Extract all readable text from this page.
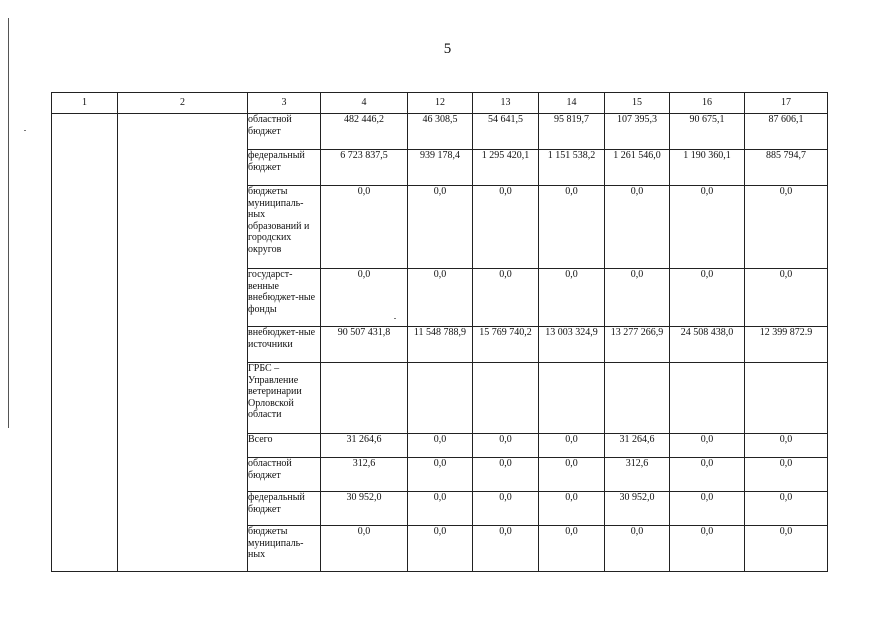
5
1	2	3	4	12	13	14	15	16	17
		областной бюджет	482 446,2	46 308,5	54 641,5	95 819,7	107 395,3	90 675,1	87 606,1
		федеральный бюджет	6 723 837,5	939 178,4	1 295 420,1	1 151 538,2	1 261 546,0	1 190 360,1	885 794,7
		бюджеты муниципаль-ных образований и городских округов	0,0	0,0	0,0	0,0	0,0	0,0	0,0
		государст-венные внебюджет-ные фонды	0,0	0,0	0,0	0,0	0,0	0,0	0,0
		внебюджет-ные источники	90 507 431,8	11 548 788,9	15 769 740,2	13 003 324,9	13 277 266,9	24 508 438,0	12 399 872.9
		ГРБС – Управление ветеринарии Орловской области							
		Всего	31 264,6	0,0	0,0	0,0	31 264,6	0,0	0,0
		областной бюджет	312,6	0,0	0,0	0,0	312,6	0,0	0,0
		федеральный бюджет	30 952,0	0,0	0,0	0,0	30 952,0	0,0	0,0
		бюджеты муниципаль-ных	0,0	0,0	0,0	0,0	0,0	0,0	0,0
